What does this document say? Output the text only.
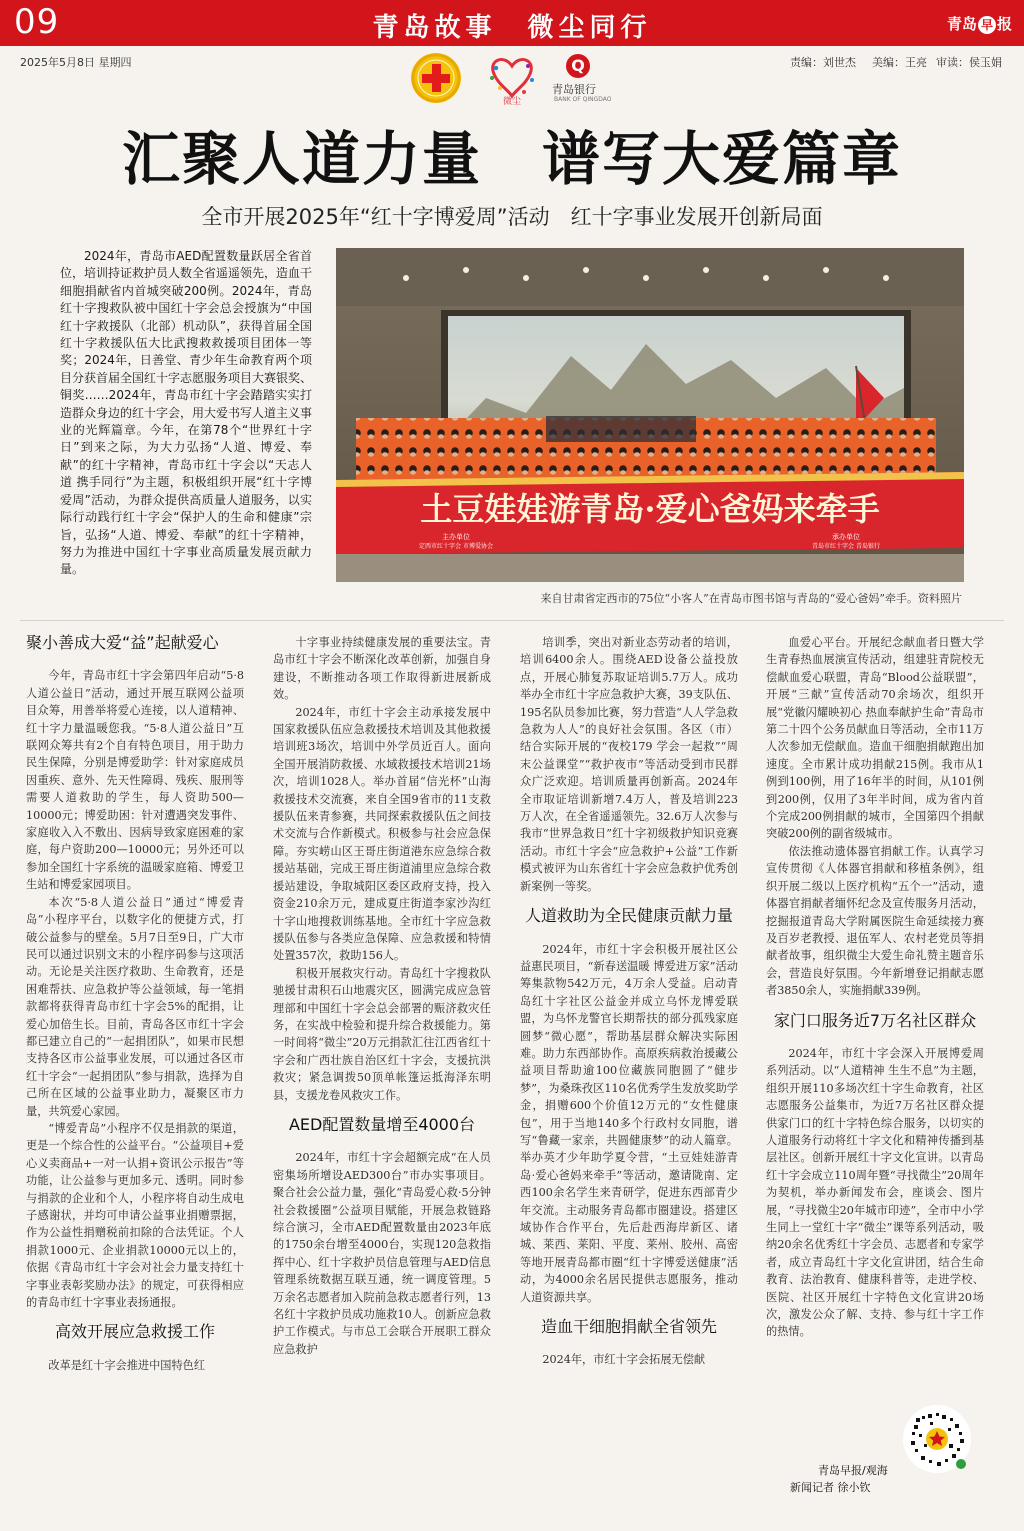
09	青岛故事　微尘同行	青岛 早 报
2025年5月8日 星期四	责编：刘世杰 美编：王亮 审读：侯玉娟
微尘
Q
青岛银行
BANK OF QINGDAO
汇聚人道力量　谱写大爱篇章
全市开展2025年“红十字博爱周”活动　红十字事业发展开创新局面

2024年，青岛市AED配置数量跃居全省首位，培训持证救护员人数全省遥遥领先，造血干细胞捐献省内首城突破200例。2024年，青岛红十字搜救队被中国红十字会总会授旗为“中国红十字救援队（北部）机动队”，获得首届全国红十字救援队伍大比武搜救救援项目团体一等奖；2024年，日善堂、青少年生命教育两个项目分获首届全国红十字志愿服务项目大赛银奖、铜奖……2024年，青岛市红十字会踏踏实实打造群众身边的红十字会，用大爱书写人道主义事业的光辉篇章。今年，在第78个“世界红十字日”到来之际，为大力弘扬“人道、博爱、奉献”的红十字精神，青岛市红十字会以“天志人道 携手同行”为主题，积极组织开展“红十字博爱周”活动，为群众提供高质量人道服务，以实际行动践行红十字会“保护人的生命和健康”宗旨，弘扬“人道、博爱、奉献”的红十字精神，努力为推进中国红十字事业高质量发展贡献力量。

土豆娃娃游青岛·爱心爸妈来牵手
主办单位
定西市红十字会 市博爱协会
承办单位
青岛市红十字会 青岛银行
来自甘肃省定西市的75位“小客人”在青岛市图书馆与青岛的“爱心爸妈”牵手。资料照片
聚小善成大爱“益”起献爱心

今年，青岛市红十字会第四年启动“5·8人道公益日”活动，通过开展互联网公益项目众筹，用善举将爱心连接，以人道精神、红十字力量温暖您我。“5·8人道公益日”互联网众筹共有2个自有特色项目，用于助力民生保障，分别是博爱助学：针对家庭成员因重疾、意外、先天性障碍、残疾、服刑等需要人道救助的学生，每人资助500—10000元；博爱助困：针对遭遇突发事件、家庭收入入不敷出、因病导致家庭困难的家庭，每户资助200—10000元；另外还可以参加全国红十字系统的温暖家庭箱、博爱卫生站和博爱家园项目。

本次“5·8人道公益日”通过“博爱青岛”小程序平台，以数字化的便捷方式，打破公益参与的壁垒。5月7日至9日，广大市民可以通过识别文末的小程序码参与这项活动。无论是关注医疗救助、生命教育，还是困难帮扶、应急救护等公益领域，每一笔捐款都将获得青岛市红十字会5%的配捐，让爱心加倍生长。目前，青岛各区市红十字会都已建立自己的“一起捐团队”，如果市民想支持各区市公益事业发展，可以通过各区市红十字会“一起捐团队”参与捐款，选择为自己所在区域的公益事业助力，凝聚区市力量，共筑爱心家园。

“博爱青岛”小程序不仅是捐款的渠道，更是一个综合性的公益平台。“公益项目+爱心义卖商品+一对一认捐+资讯公示报告”等功能，让公益参与更加多元、透明。同时参与捐款的企业和个人，小程序将自动生成电子感谢状，并均可申请公益事业捐赠票据，作为公益性捐赠税前扣除的合法凭证。个人捐款1000元、企业捐款10000元以上的，依据《青岛市红十字会对社会力量支持红十字事业表彰奖励办法》的规定，可获得相应的青岛市红十字事业表扬通报。

高效开展应急救援工作

改革是红十字会推进中国特色红

十字事业持续健康发展的重要法宝。青岛市红十字会不断深化改革创新，加强自身建设，不断推动各项工作取得新进展新成效。

2024年，市红十字会主动承接发展中国家救援队伍应急救援技术培训及其他救援培训班3场次，培训中外学员近百人。面向全国开展消防救援、水域救援技术培训21场次，培训1028人。举办首届“信光杯”山海救援技术交流赛，来自全国9省市的11支救援队伍来青参赛，共同探索救援队伍之间技术交流与合作新模式。积极参与社会应急保障。夯实崂山区王哥庄街道港东应急综合救援站基础，完成王哥庄街道浦里应急综合救援站建设，争取城阳区委区政府支持，投入资金210余万元，建成夏庄街道李家沙沟红十字山地搜救训练基地。全市红十字应急救援队伍参与各类应急保障、应急救援和特情处置357次，救助156人。

积极开展救灾行动。青岛红十字搜救队驰援甘肃积石山地震灾区，圆满完成应急管理部和中国红十字会总会部署的赈济救灾任务，在实战中检验和提升综合救援能力。第一时间将“微尘”20万元捐款汇往江西省红十字会和广西壮族自治区红十字会，支援抗洪救灾；紧急调拨50顶单帐篷运抵海泽东明县，支援龙卷风救灾工作。

AED配置数量增至4000台

2024年，市红十字会超额完成“在人员密集场所增设AED300台”市办实事项目。聚合社会公益力量，强化“青岛爱心救·5分钟社会救援圈”公益项目赋能，开展急救链路综合演习，全市AED配置数量由2023年底的1750余台增至4000台，实现120急救指挥中心、红十字救护员信息管理与AED信息管理系统数据互联互通，统一调度管理。5万余名志愿者加入院前急救志愿者行列，13名红十字救护员成功施救10人。创新应急救护工作模式。与市总工会联合开展职工群众应急救护

培训季，突出对新业态劳动者的培训，培训6400余人。围绕AED设备公益投放点，开展心肺复苏取证培训5.7万人。成功举办全市红十字应急救护大赛，39支队伍、195名队员参加比赛，努力营造“人人学急救 急救为人人”的良好社会氛围。各区（市）结合实际开展的“夜校179 学会一起救”“周末公益课堂”“救护夜市”等活动受到市民群众广泛欢迎。培训质量再创新高。2024年全市取证培训新增7.4万人，普及培训223万人次，在全省遥遥领先。32.6万人次参与我市“世界急救日”红十字初级救护知识竞赛活动。市红十字会“应急救护+公益”工作新模式被评为山东省红十字会应急救护优秀创新案例一等奖。

人道救助为全民健康贡献力量

2024年，市红十字会积极开展社区公益惠民项目，“新春送温暖 博爱进万家”活动筹集款物542万元，4万余人受益。启动青岛红十字社区公益金并成立乌怀龙博爱联盟，为乌怀龙警官长期帮扶的部分孤残家庭圆梦“微心愿”，帮助基层群众解决实际困难。助力东西部协作。高原疾病救治援藏公益项目帮助逾100位藏族同胞圆了“健步梦”，为桑珠孜区110名优秀学生发放奖助学金，捐赠600个价值12万元的“女性健康包”，用于当地140多个行政村女同胞，谱写“鲁藏一家亲，共圆健康梦”的动人篇章。举办英才少年助学夏令营，“土豆娃娃游青岛·爱心爸妈来牵手”等活动，邀请陇南、定西100余名学生来青研学，促进东西部青少年交流。主动服务青岛都市圈建设。搭建区域协作合作平台，先后赴西海岸新区、诸城、莱西、莱阳、平度、莱州、胶州、高密等地开展青岛都市圈“红十字博爱送健康”活动，为4000余名居民提供志愿服务，推动人道资源共享。

造血干细胞捐献全省领先

2024年，市红十字会拓展无偿献

血爱心平台。开展纪念献血者日暨大学生青春热血展演宣传活动，组建驻青院校无偿献血爱心联盟，青岛“Blood公益联盟”，开展“三献”宣传活动70余场次，组织开展“党徽闪耀映初心 热血奉献护生命”青岛市第二十四个公务员献血日等活动，全市11万人次参加无偿献血。造血干细胞捐献跑出加速度。全市累计成功捐献215例。我市从1例到100例，用了16年半的时间，从101例到200例，仅用了3年半时间，成为省内首个完成200例捐献的城市，全国第四个捐献突破200例的副省级城市。

依法推动遗体器官捐献工作。认真学习宣传贯彻《人体器官捐献和移植条例》，组织开展二级以上医疗机构“五个一”活动，遗体器官捐献者缅怀纪念及宣传服务月活动，挖掘报道青岛大学附属医院生命延续接力赛及百岁老教授、退伍军人、农村老党员等捐献者故事，组织微尘大爱生命礼赞主题音乐会，营造良好氛围。今年新增登记捐献志愿者3850余人，实施捐献339例。

家门口服务近7万名社区群众

2024年，市红十字会深入开展博爱周系列活动。以“人道精神 生生不息”为主题，组织开展110多场次红十字生命教育，社区志愿服务公益集市，为近7万名社区群众提供家门口的红十字特色综合服务，以切实的人道服务行动将红十字文化和精神传播到基层社区。创新开展红十字文化宣讲。以青岛红十字会成立110周年暨“寻找微尘”20周年为契机，举办新闻发布会，座谈会、图片展，“寻找微尘20年城市印迹”，全市中小学生同上一堂红十字“微尘”课等系列活动，吸纳20余名优秀红十字会员、志愿者和专家学者，成立青岛红十字文化宣讲团，结合生命教育、法治教育、健康科普等，走进学校、医院、社区开展红十字特色文化宣讲20场次，激发公众了解、支持、参与红十字工作的热情。

青岛早报/观海
新闻记者 徐小钦
